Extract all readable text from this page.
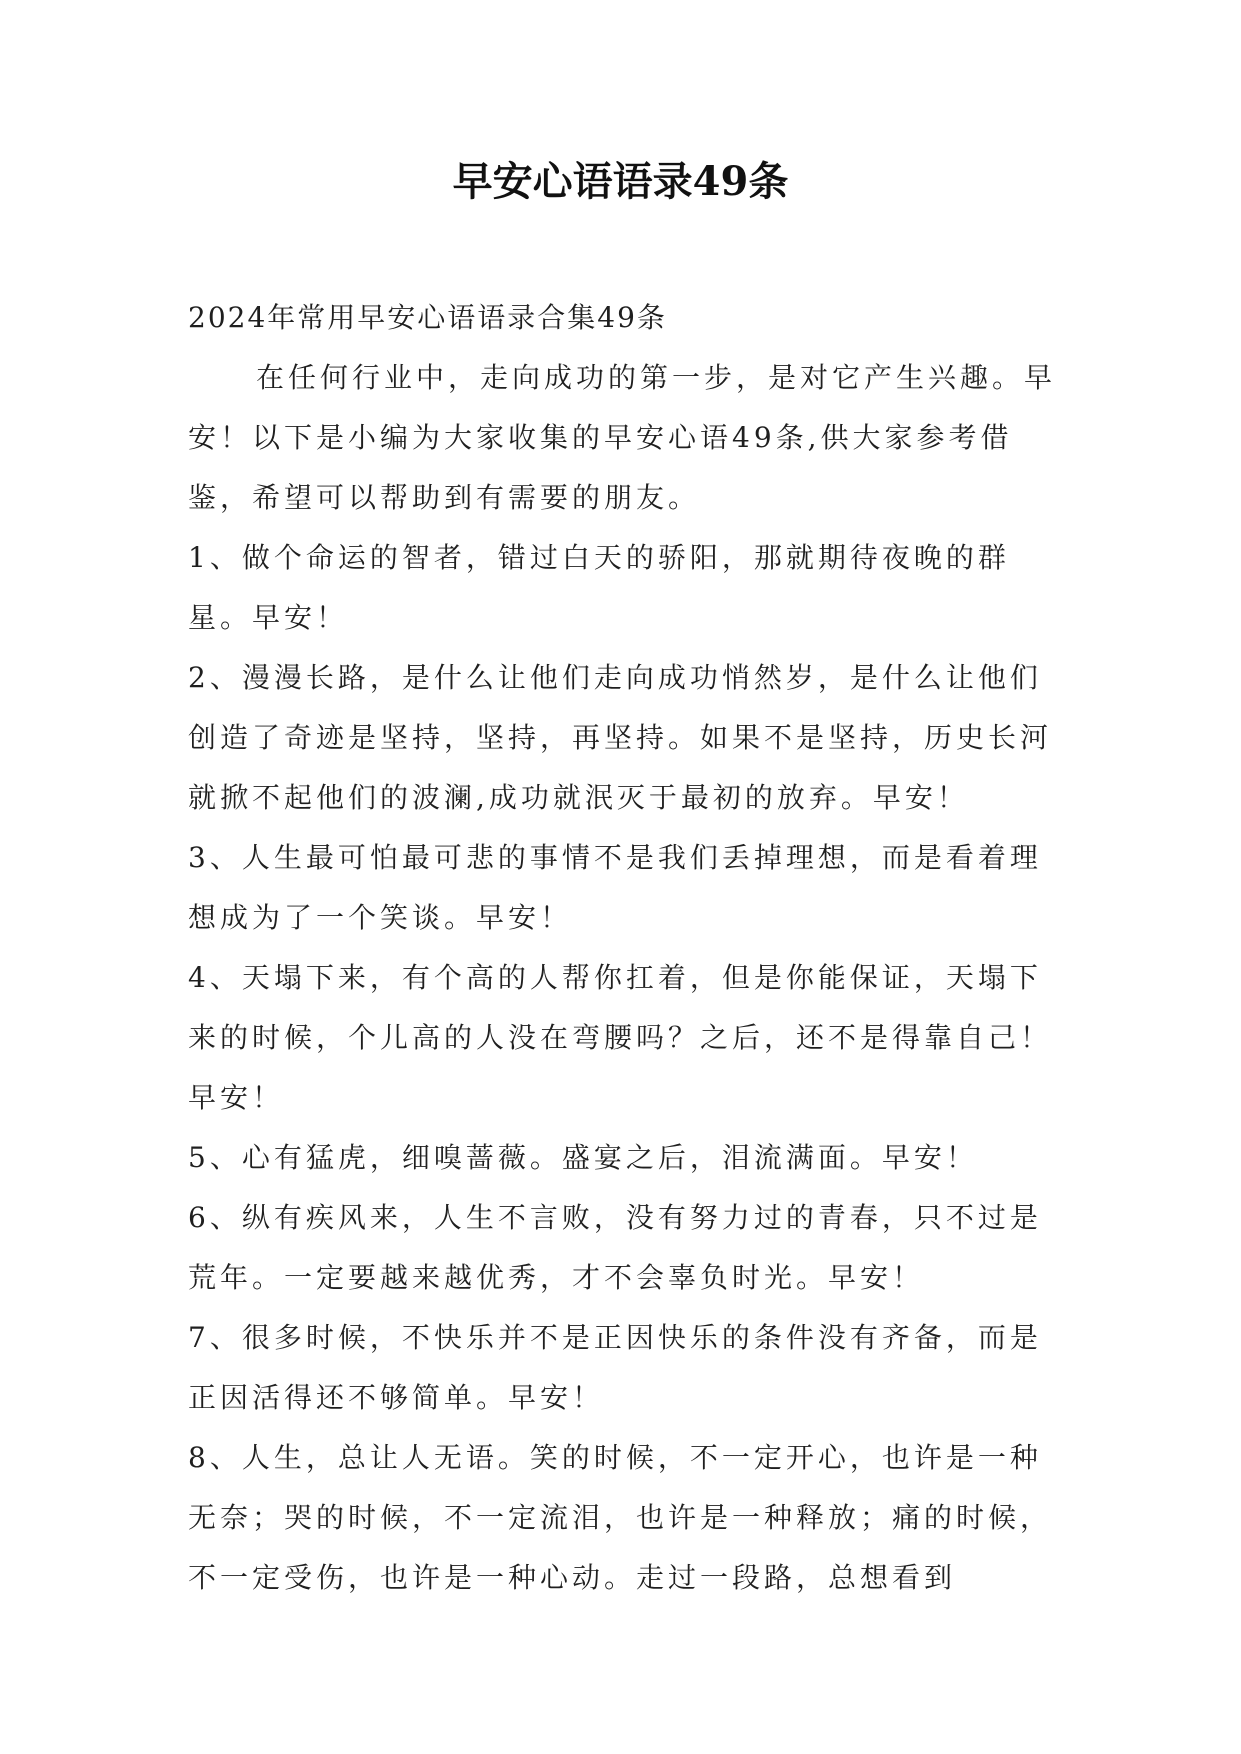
早安心语语录49条

2024年常用早安心语语录合集49条

在任何行业中，走向成功的第一步，是对它产生兴趣。早安！以下是小编为大家收集的早安心语49条,供大家参考借鉴，希望可以帮助到有需要的朋友。

1、做个命运的智者，错过白天的骄阳，那就期待夜晚的群星。早安！

2、漫漫长路，是什么让他们走向成功悄然岁，是什么让他们创造了奇迹是坚持，坚持，再坚持。如果不是坚持，历史长河就掀不起他们的波澜,成功就泯灭于最初的放弃。早安！

3、人生最可怕最可悲的事情不是我们丢掉理想，而是看着理想成为了一个笑谈。早安！

4、天塌下来，有个高的人帮你扛着，但是你能保证，天塌下来的时候，个儿高的人没在弯腰吗？之后，还不是得靠自己！早安！

5、心有猛虎，细嗅蔷薇。盛宴之后，泪流满面。早安！

6、纵有疾风来，人生不言败，没有努力过的青春，只不过是荒年。一定要越来越优秀，才不会辜负时光。早安！

7、很多时候，不快乐并不是正因快乐的条件没有齐备，而是正因活得还不够简单。早安！

8、人生，总让人无语。笑的时候，不一定开心，也许是一种无奈；哭的时候，不一定流泪，也许是一种释放；痛的时候，不一定受伤，也许是一种心动。走过一段路，总想看到
